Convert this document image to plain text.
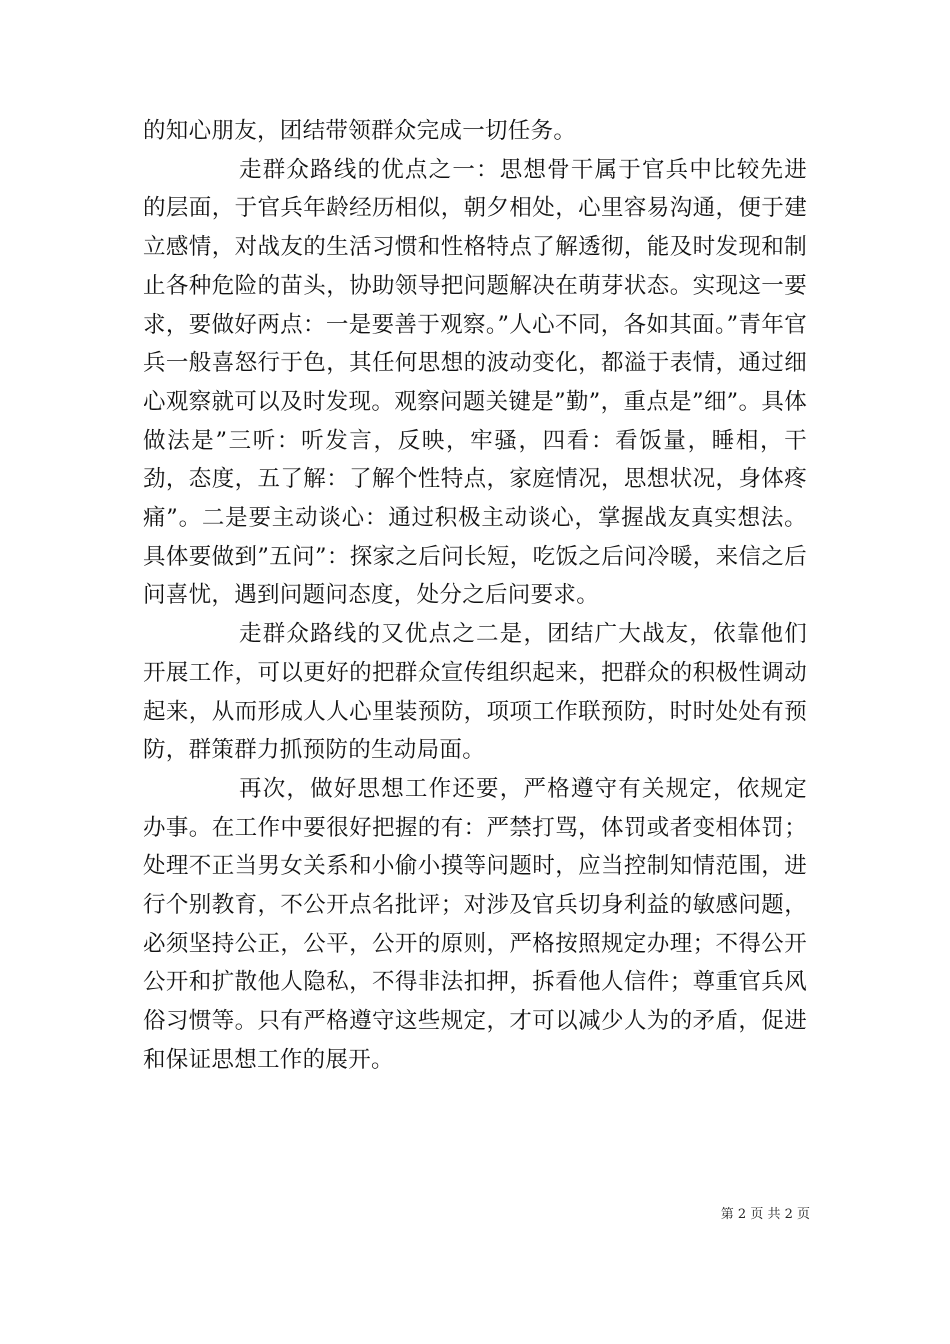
的知心朋友，团结带领群众完成一切任务。

走群众路线的优点之一：思想骨干属于官兵中比较先进的层面，于官兵年龄经历相似，朝夕相处，心里容易沟通，便于建立感情，对战友的生活习惯和性格特点了解透彻，能及时发现和制止各种危险的苗头，协助领导把问题解决在萌芽状态。实现这一要求，要做好两点：一是要善于观察。”人心不同，各如其面。”青年官兵一般喜怒行于色，其任何思想的波动变化，都溢于表情，通过细心观察就可以及时发现。观察问题关键是”勤”，重点是”细”。具体做法是”三听：听发言，反映，牢骚，四看：看饭量，睡相，干劲，态度，五了解：了解个性特点，家庭情况，思想状况，身体疼痛”。二是要主动谈心：通过积极主动谈心，掌握战友真实想法。具体要做到”五问”：探家之后问长短，吃饭之后问冷暖，来信之后问喜忧，遇到问题问态度，处分之后问要求。

走群众路线的又优点之二是，团结广大战友，依靠他们开展工作，可以更好的把群众宣传组织起来，把群众的积极性调动起来，从而形成人人心里装预防，项项工作联预防，时时处处有预防，群策群力抓预防的生动局面。

再次，做好思想工作还要，严格遵守有关规定，依规定办事。在工作中要很好把握的有：严禁打骂，体罚或者变相体罚；处理不正当男女关系和小偷小摸等问题时，应当控制知情范围，进行个别教育，不公开点名批评；对涉及官兵切身利益的敏感问题，必须坚持公正，公平，公开的原则，严格按照规定办理；不得公开公开和扩散他人隐私，不得非法扣押，拆看他人信件；尊重官兵风俗习惯等。只有严格遵守这些规定，才可以减少人为的矛盾，促进和保证思想工作的展开。

第 2 页 共 2 页
